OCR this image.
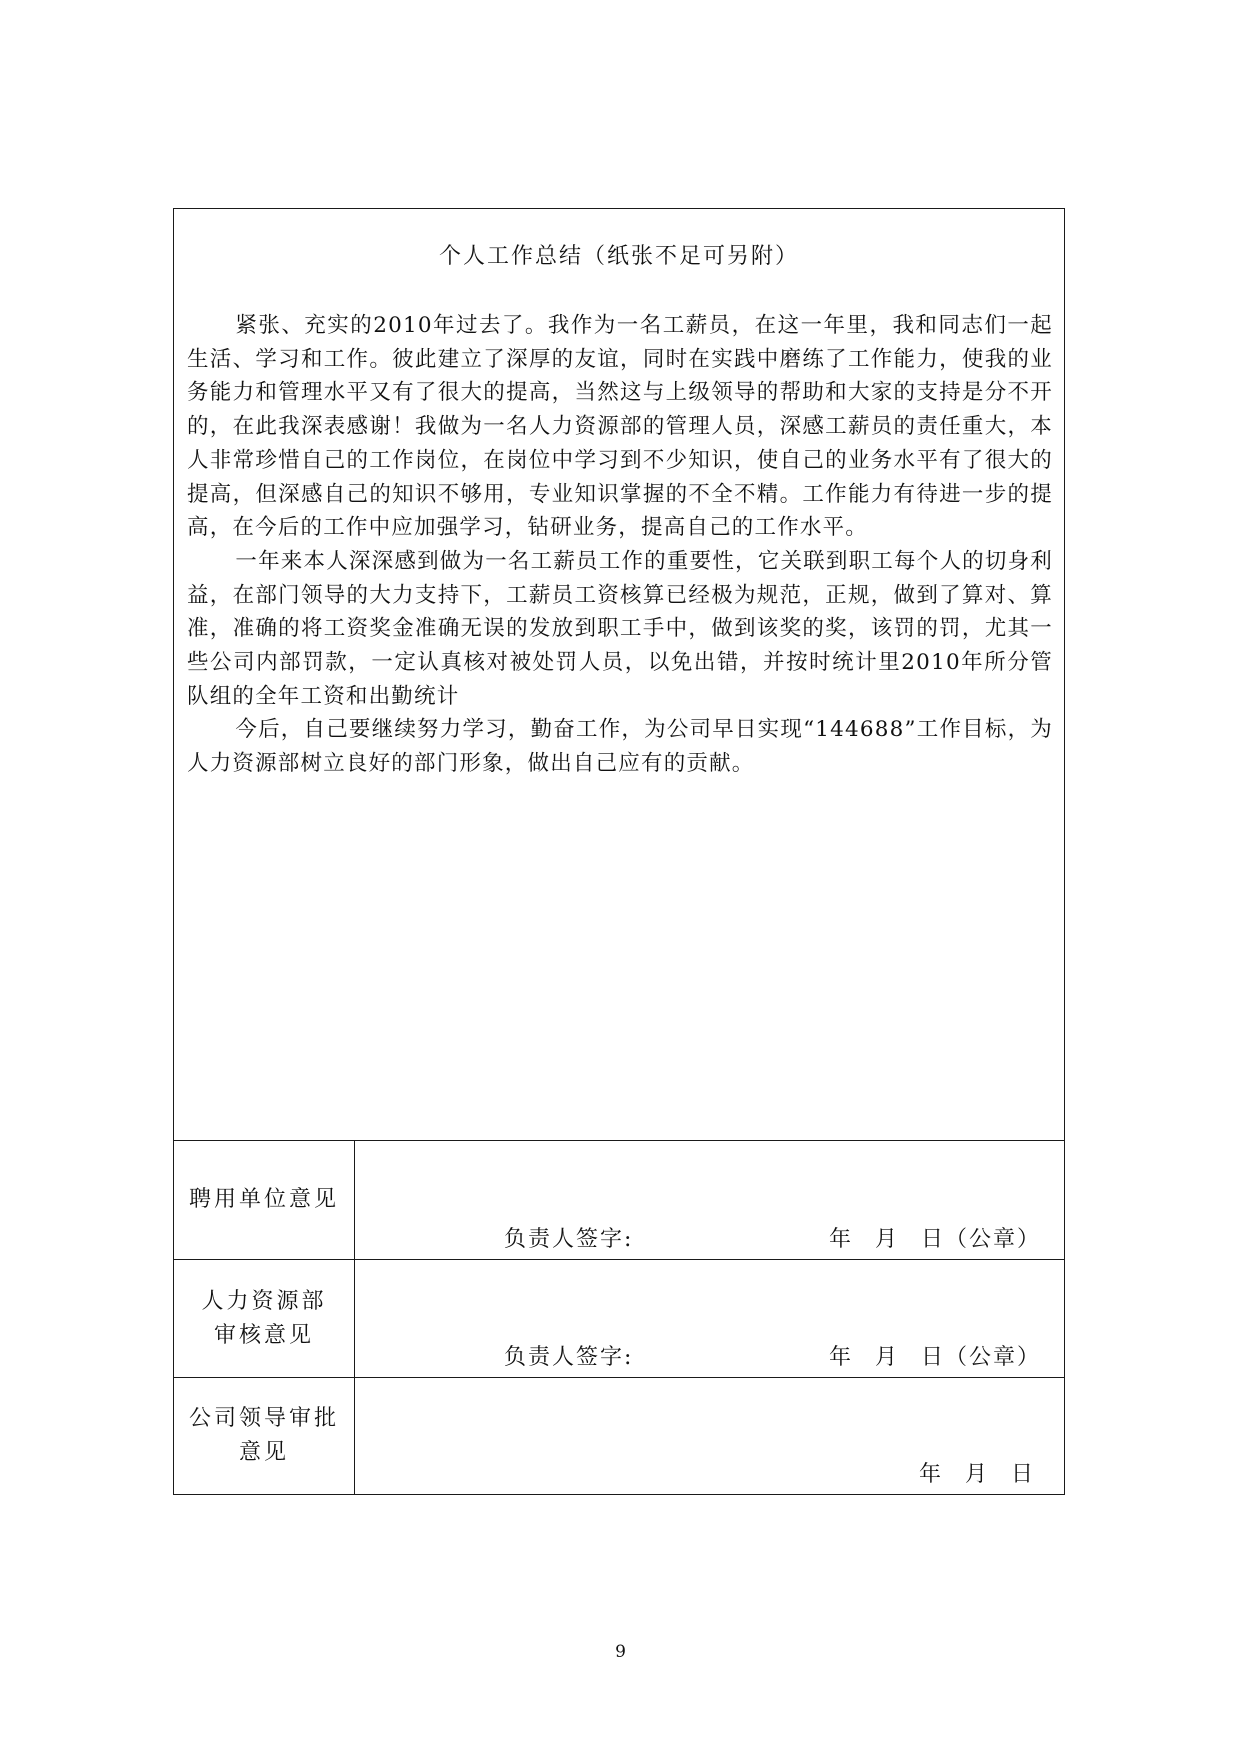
个人工作总结（纸张不足可另附）

紧张、充实的2010年过去了。我作为一名工薪员，在这一年里，我和同志们一起生活、学习和工作。彼此建立了深厚的友谊，同时在实践中磨练了工作能力，使我的业务能力和管理水平又有了很大的提高，当然这与上级领导的帮助和大家的支持是分不开的，在此我深表感谢！我做为一名人力资源部的管理人员，深感工薪员的责任重大，本人非常珍惜自己的工作岗位，在岗位中学习到不少知识，使自己的业务水平有了很大的提高，但深感自己的知识不够用，专业知识掌握的不全不精。工作能力有待进一步的提高，在今后的工作中应加强学习，钻研业务，提高自己的工作水平。

一年来本人深深感到做为一名工薪员工作的重要性，它关联到职工每个人的切身利益，在部门领导的大力支持下，工薪员工资核算已经极为规范，正规，做到了算对、算准，准确的将工资奖金准确无误的发放到职工手中，做到该奖的奖，该罚的罚，尤其一些公司内部罚款，一定认真核对被处罚人员，以免出错，并按时统计里2010年所分管队组的全年工资和出勤统计

今后，自己要继续努力学习，勤奋工作，为公司早日实现“144688”工作目标，为人力资源部树立良好的部门形象，做出自己应有的贡献。

聘用单位意见
负责人签字:	年 月 日（公章）
人力资源部
审核意见
负责人签字:	年 月 日（公章）
公司领导审批
意见
年 月 日
9
